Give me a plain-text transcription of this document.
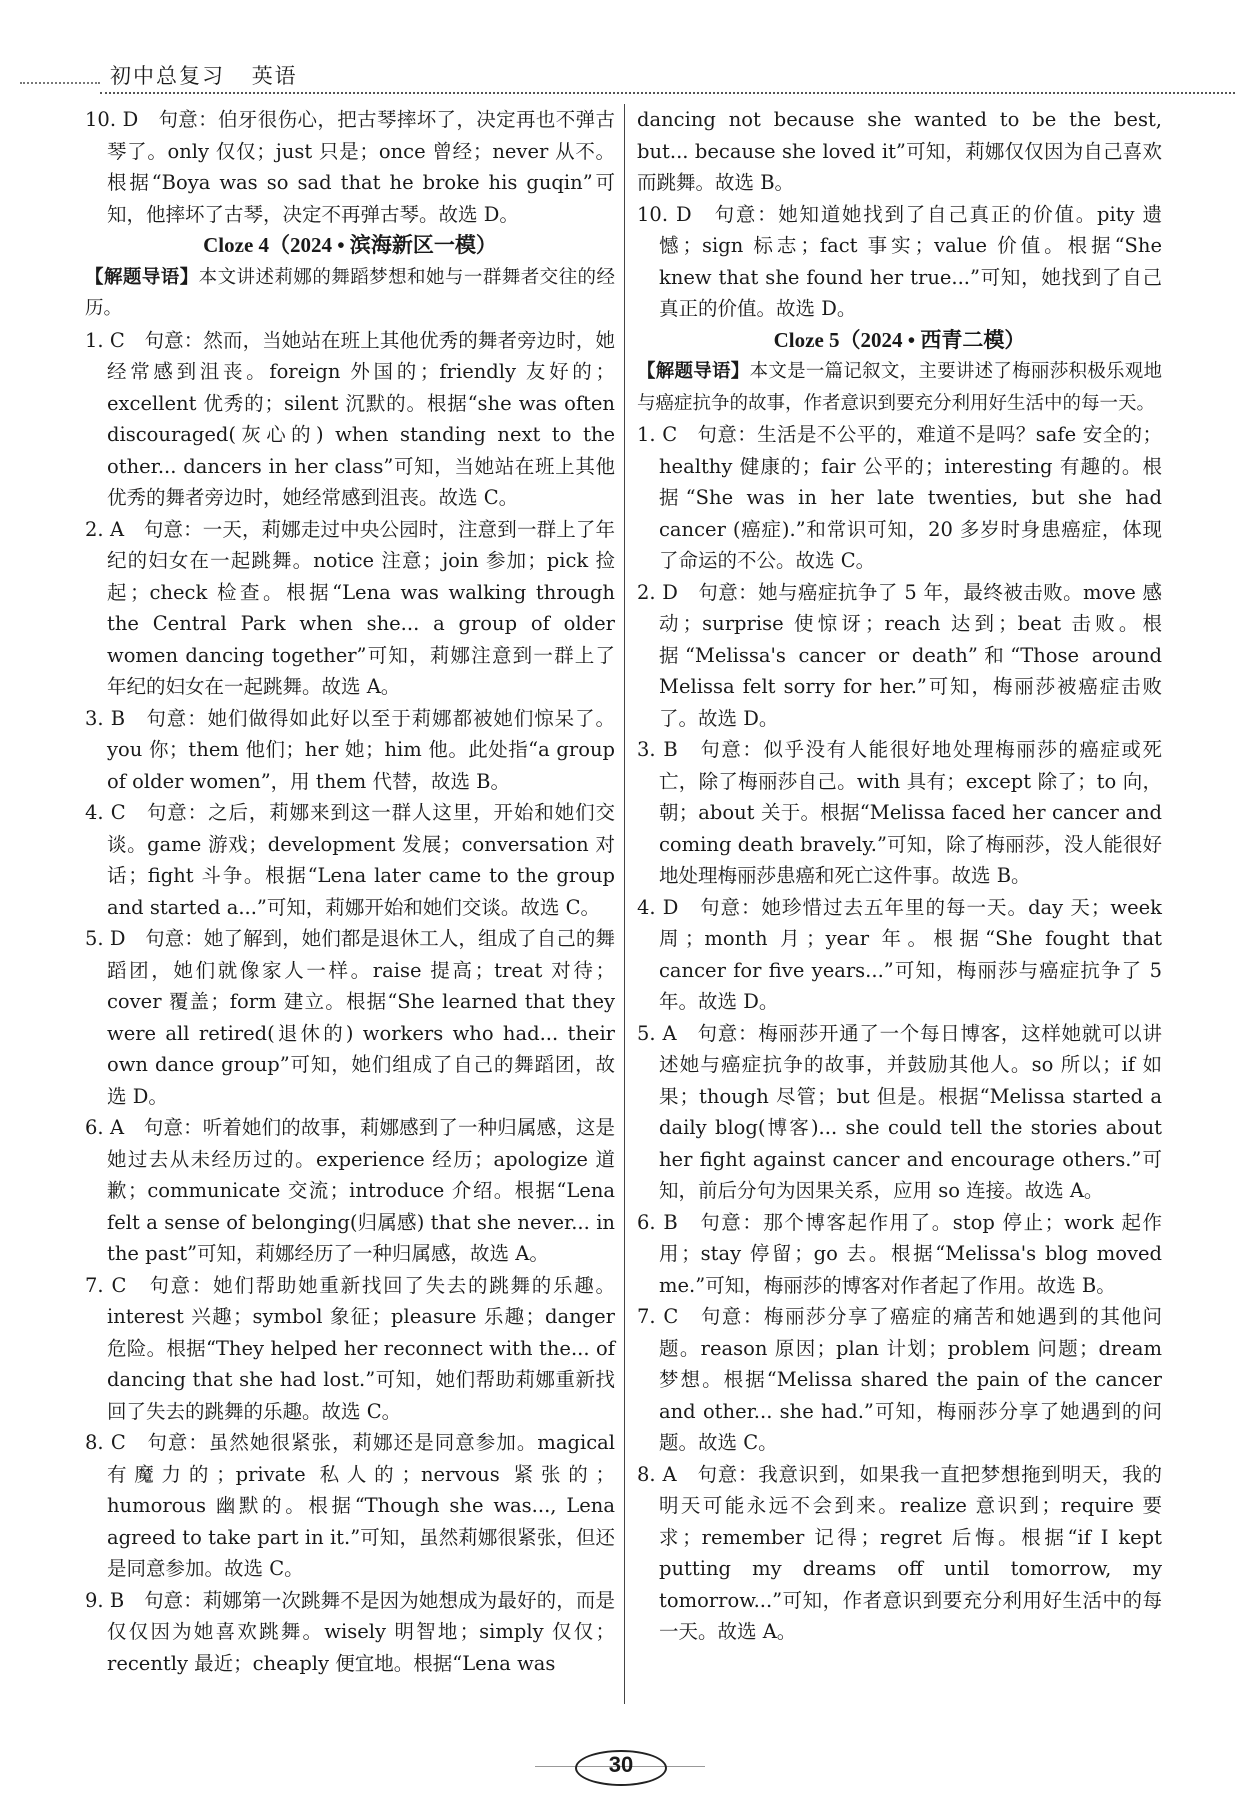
初中总复习 英语

10. D　句意：伯牙很伤心，把古琴摔坏了，决定再也不弹古琴了。only 仅仅；just 只是；once 曾经；never 从不。根据“Boya was so sad that he broke his guqin”可知，他摔坏了古琴，决定不再弹古琴。故选 D。

Cloze 4（2024 • 滨海新区一模）

【解题导语】本文讲述莉娜的舞蹈梦想和她与一群舞者交往的经历。

1. C　句意：然而，当她站在班上其他优秀的舞者旁边时，她经常感到沮丧。foreign 外国的；friendly 友好的；excellent 优秀的；silent 沉默的。根据“she was often discouraged(灰心的) when standing next to the other... dancers in her class”可知，当她站在班上其他优秀的舞者旁边时，她经常感到沮丧。故选 C。

2. A　句意：一天，莉娜走过中央公园时，注意到一群上了年纪的妇女在一起跳舞。notice 注意；join 参加；pick 捡起；check 检查。根据“Lena was walking through the Central Park when she... a group of older women dancing together”可知，莉娜注意到一群上了年纪的妇女在一起跳舞。故选 A。

3. B　句意：她们做得如此好以至于莉娜都被她们惊呆了。you 你；them 他们；her 她；him 他。此处指“a group of older women”，用 them 代替，故选 B。

4. C　句意：之后，莉娜来到这一群人这里，开始和她们交谈。game 游戏；development 发展；conversation 对话；fight 斗争。根据“Lena later came to the group and started a...”可知，莉娜开始和她们交谈。故选 C。

5. D　句意：她了解到，她们都是退休工人，组成了自己的舞蹈团，她们就像家人一样。raise 提高；treat 对待；cover 覆盖；form 建立。根据“She learned that they were all retired(退休的) workers who had... their own dance group”可知，她们组成了自己的舞蹈团，故选 D。

6. A　句意：听着她们的故事，莉娜感到了一种归属感，这是她过去从未经历过的。experience 经历；apologize 道歉；communicate 交流；introduce 介绍。根据“Lena felt a sense of belonging(归属感) that she never... in the past”可知，莉娜经历了一种归属感，故选 A。

7. C　句意：她们帮助她重新找回了失去的跳舞的乐趣。interest 兴趣；symbol 象征；pleasure 乐趣；danger 危险。根据“They helped her reconnect with the... of dancing that she had lost.”可知，她们帮助莉娜重新找回了失去的跳舞的乐趣。故选 C。

8. C　句意：虽然她很紧张，莉娜还是同意参加。magical 有魔力的；private 私人的；nervous 紧张的；humorous 幽默的。根据“Though she was..., Lena agreed to take part in it.”可知，虽然莉娜很紧张，但还是同意参加。故选 C。

9. B　句意：莉娜第一次跳舞不是因为她想成为最好的，而是仅仅因为她喜欢跳舞。wisely 明智地；simply 仅仅；recently 最近；cheaply 便宜地。根据“Lena was

dancing not because she wanted to be the best, but... because she loved it”可知，莉娜仅仅因为自己喜欢而跳舞。故选 B。

10. D　句意：她知道她找到了自己真正的价值。pity 遗憾；sign 标志；fact 事实；value 价值。根据“She knew that she found her true...”可知，她找到了自己真正的价值。故选 D。

Cloze 5（2024 • 西青二模）

【解题导语】本文是一篇记叙文，主要讲述了梅丽莎积极乐观地与癌症抗争的故事，作者意识到要充分利用好生活中的每一天。

1. C　句意：生活是不公平的，难道不是吗？safe 安全的；healthy 健康的；fair 公平的；interesting 有趣的。根据“She was in her late twenties, but she had cancer (癌症).”和常识可知，20 多岁时身患癌症，体现了命运的不公。故选 C。

2. D　句意：她与癌症抗争了 5 年，最终被击败。move 感动；surprise 使惊讶；reach 达到；beat 击败。根据“Melissa's cancer or death”和“Those around Melissa felt sorry for her.”可知，梅丽莎被癌症击败了。故选 D。

3. B　句意：似乎没有人能很好地处理梅丽莎的癌症或死亡，除了梅丽莎自己。with 具有；except 除了；to 向，朝；about 关于。根据“Melissa faced her cancer and coming death bravely.”可知，除了梅丽莎，没人能很好地处理梅丽莎患癌和死亡这件事。故选 B。

4. D　句意：她珍惜过去五年里的每一天。day 天；week 周；month 月；year 年。根据“She fought that cancer for five years...”可知，梅丽莎与癌症抗争了 5 年。故选 D。

5. A　句意：梅丽莎开通了一个每日博客，这样她就可以讲述她与癌症抗争的故事，并鼓励其他人。so 所以；if 如果；though 尽管；but 但是。根据“Melissa started a daily blog(博客)... she could tell the stories about her fight against cancer and encourage others.”可知，前后分句为因果关系，应用 so 连接。故选 A。

6. B　句意：那个博客起作用了。stop 停止；work 起作用；stay 停留；go 去。根据“Melissa's blog moved me.”可知，梅丽莎的博客对作者起了作用。故选 B。

7. C　句意：梅丽莎分享了癌症的痛苦和她遇到的其他问题。reason 原因；plan 计划；problem 问题；dream 梦想。根据“Melissa shared the pain of the cancer and other... she had.”可知，梅丽莎分享了她遇到的问题。故选 C。

8. A　句意：我意识到，如果我一直把梦想拖到明天，我的明天可能永远不会到来。realize 意识到；require 要求；remember 记得；regret 后悔。根据“if I kept putting my dreams off until tomorrow, my tomorrow...”可知，作者意识到要充分利用好生活中的每一天。故选 A。

30
